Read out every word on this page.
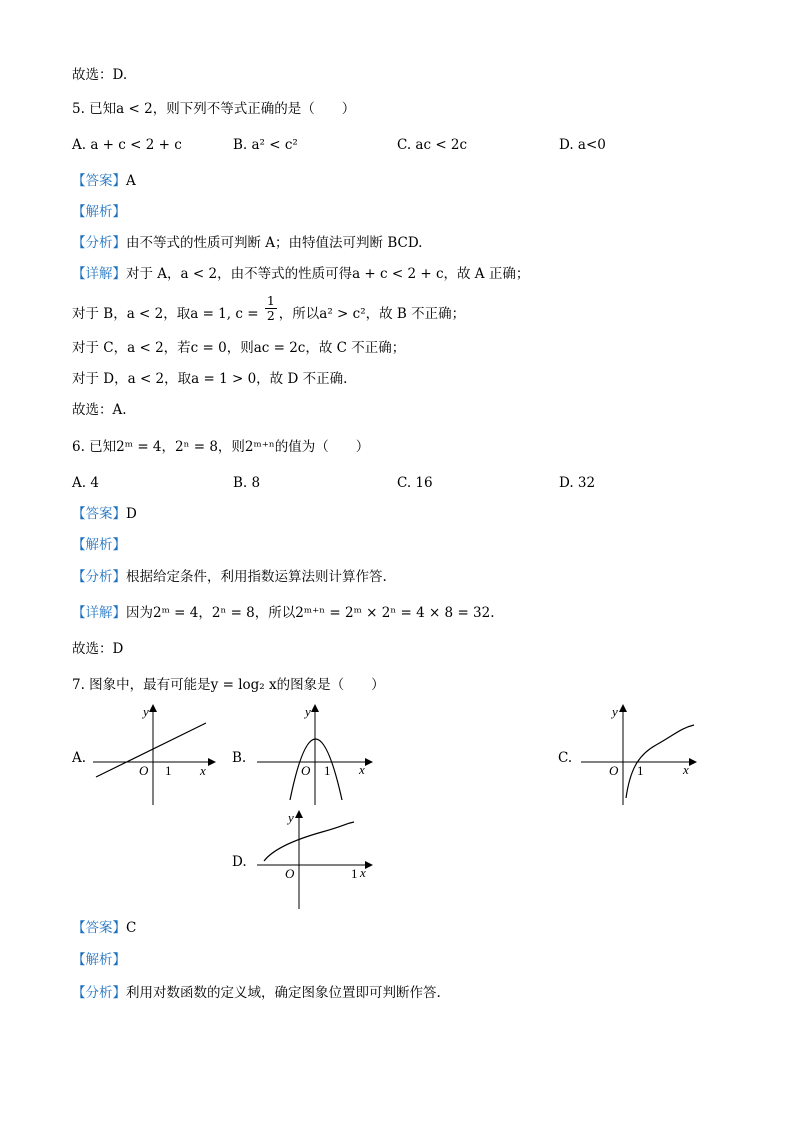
故选：D.
5. 已知a < 2，则下列不等式正确的是（　　）
A. a + c < 2 + c	B. a² < c²	C. ac < 2c	D. a<0
【答案】A
【解析】
【分析】由不等式的性质可判断 A；由特值法可判断 BCD.
【详解】对于 A，a < 2，由不等式的性质可得a + c < 2 + c，故 A 正确；
对于 B，a < 2，取a = 1, $c = \frac{1}{2}$ ，所以a² > c²，故 B 不正确；
对于 C，a < 2，若c = 0，则ac = 2c，故 C 不正确；
对于 D，a < 2，取a = 1 > 0，故 D 不正确.
故选：A.
6. 已知2ᵐ = 4，2ⁿ = 8，则2ᵐ⁺ⁿ的值为（　　）
A. 4	B. 8	C. 16	D. 32
【答案】D
【解析】
【分析】根据给定条件，利用指数运算法则计算作答.
【详解】因为2ᵐ = 4，2ⁿ = 8，所以2ᵐ⁺ⁿ = 2ᵐ × 2ⁿ = 4 × 8 = 32.
故选：D
7. 图象中，最有可能是y = log₂ x的图象是（　　）
A.
x
y
O 1
B.
x
y
O 1
C.
x
y
O 1
D.
x
y
O	1
【答案】C
【解析】
【分析】利用对数函数的定义域，确定图象位置即可判断作答.
